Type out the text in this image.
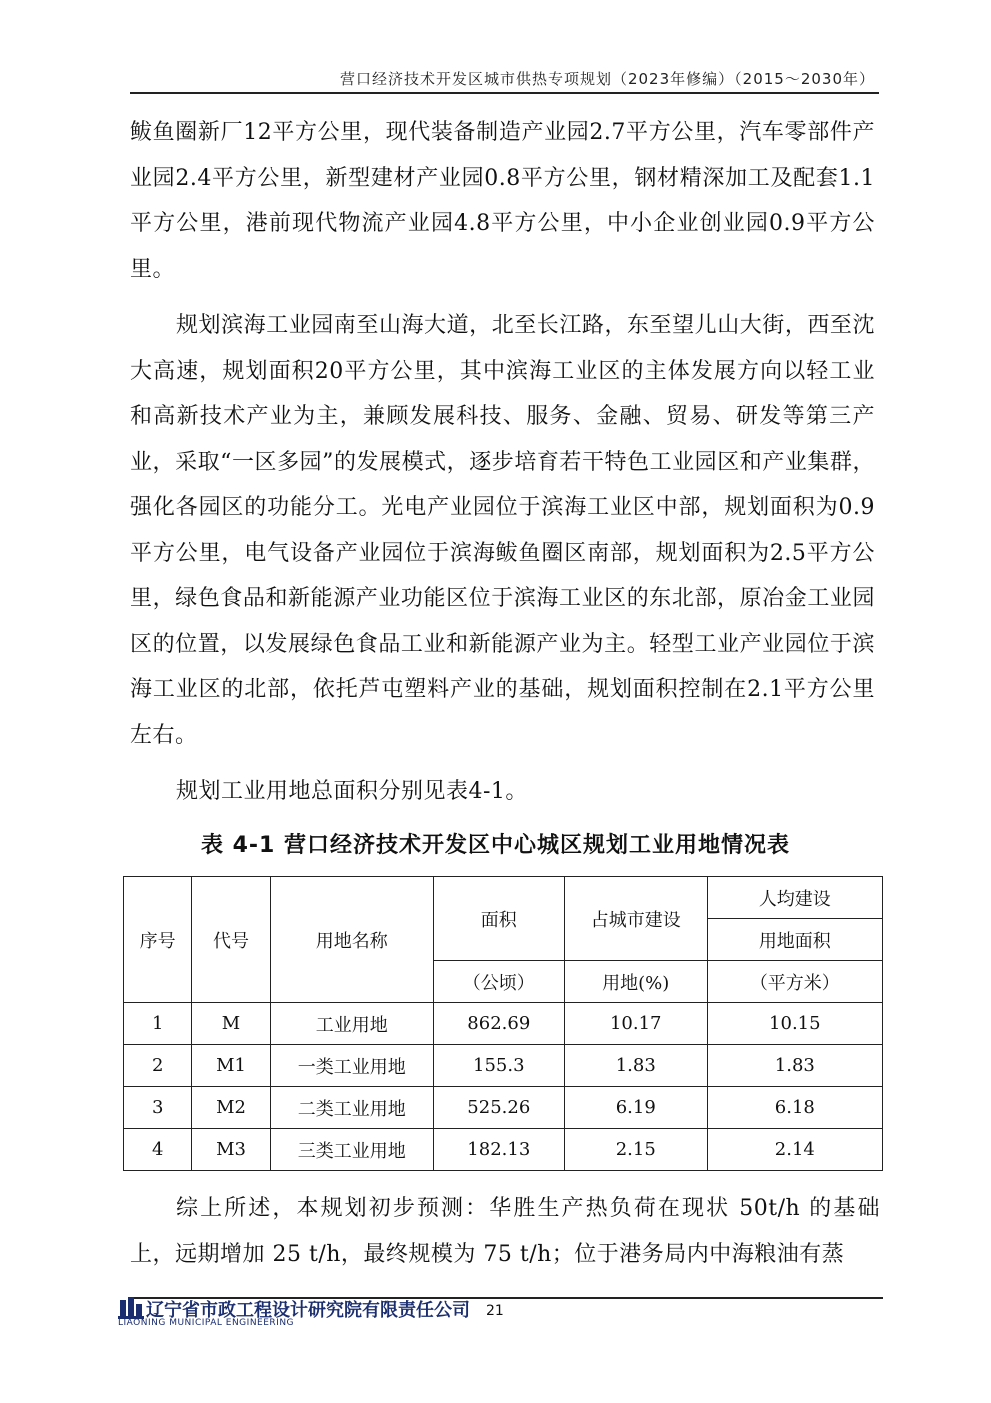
营口经济技术开发区城市供热专项规划（2023年修编）（2015～2030年）

鲅鱼圈新厂12平方公里，现代装备制造产业园2.7平方公里，汽车零部件产业园2.4平方公里，新型建材产业园0.8平方公里，钢材精深加工及配套1.1平方公里，港前现代物流产业园4.8平方公里，中小企业创业园0.9平方公里。

规划滨海工业园南至山海大道，北至长江路，东至望儿山大街，西至沈大高速，规划面积20平方公里，其中滨海工业区的主体发展方向以轻工业和高新技术产业为主，兼顾发展科技、服务、金融、贸易、研发等第三产业，采取“一区多园”的发展模式，逐步培育若干特色工业园区和产业集群，强化各园区的功能分工。光电产业园位于滨海工业区中部，规划面积为0.9平方公里，电气设备产业园位于滨海鲅鱼圈区南部，规划面积为2.5平方公里，绿色食品和新能源产业功能区位于滨海工业区的东北部，原冶金工业园区的位置，以发展绿色食品工业和新能源产业为主。轻型工业产业园位于滨海工业区的北部，依托芦屯塑料产业的基础，规划面积控制在2.1平方公里左右。

规划工业用地总面积分别见表4-1。

表 4-1 营口经济技术开发区中心城区规划工业用地情况表
序号	代号	用地名称	面积	占城市建设	人均建设
					用地面积
			（公顷）	用地(%)	（平方米）
1	M	工业用地	862.69	10.17	10.15
2	M1	一类工业用地	155.3	1.83	1.83
3	M2	二类工业用地	525.26	6.19	6.18
4	M3	三类工业用地	182.13	2.15	2.14

综上所述，本规划初步预测：华胜生产热负荷在现状 50t/h 的基础上，远期增加 25 t/h，最终规模为 75 t/h；位于港务局内中海粮油有蒸

辽宁省市政工程设计研究院有限责任公司
LIAONING MUNICIPAL ENGINEERING
21
